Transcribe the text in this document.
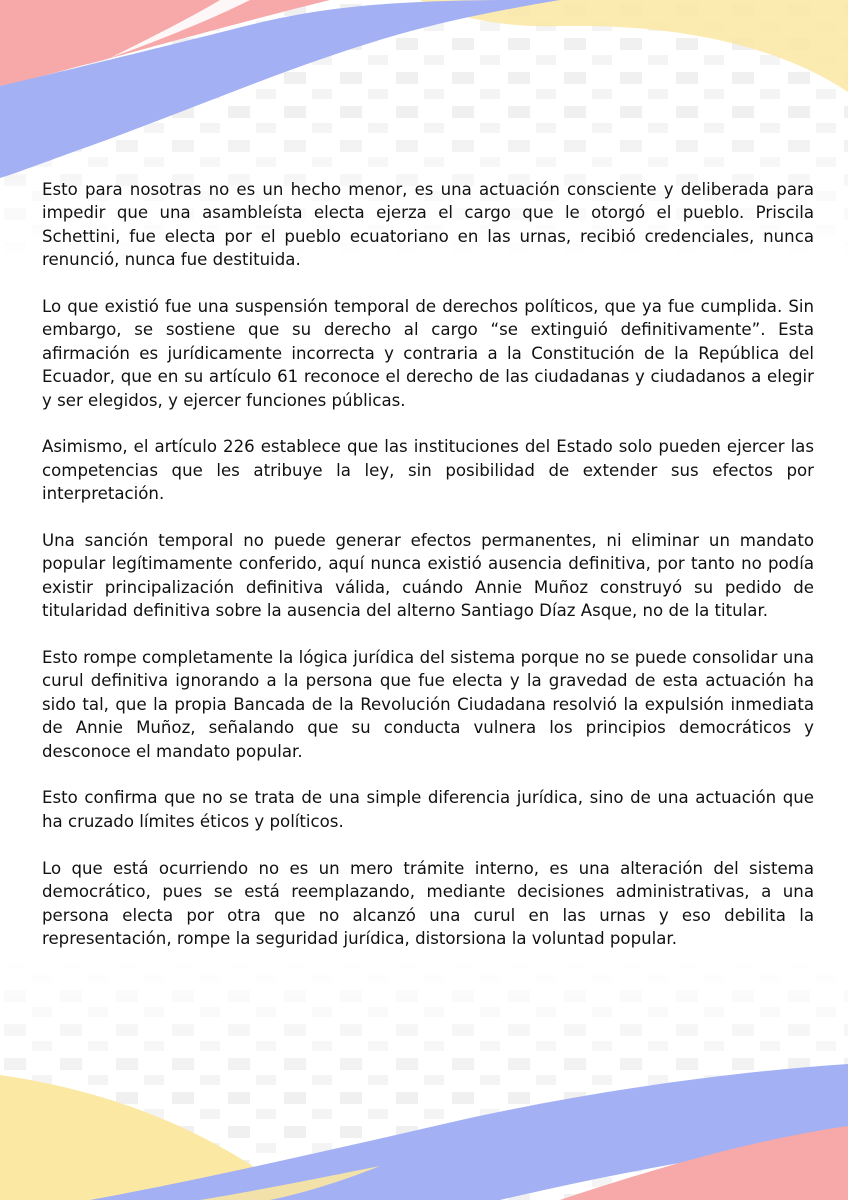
Esto para nosotras no es un hecho menor, es una actuación consciente y deliberada para impedir que una asambleísta electa ejerza el cargo que le otorgó el pueblo. Priscila Schettini, fue electa por el pueblo ecuatoriano en las urnas, recibió credenciales, nunca renunció, nunca fue destituida.

Lo que existió fue una suspensión temporal de derechos políticos, que ya fue cumplida. Sin embargo, se sostiene que su derecho al cargo “se extinguió definitivamente”. Esta afirmación es jurídicamente incorrecta y contraria a la Constitución de la República del Ecuador, que en su artículo 61 reconoce el derecho de las ciudadanas y ciudadanos a elegir y ser elegidos, y ejercer funciones públicas.

Asimismo, el artículo 226 establece que las instituciones del Estado solo pueden ejercer las competencias que les atribuye la ley, sin posibilidad de extender sus efectos por interpretación.

Una sanción temporal no puede generar efectos permanentes, ni eliminar un mandato popular legítimamente conferido, aquí nunca existió ausencia definitiva, por tanto no podía existir principalización definitiva válida, cuándo Annie Muñoz construyó su pedido de titularidad definitiva sobre la ausencia del alterno Santiago Díaz Asque, no de la titular.

Esto rompe completamente la lógica jurídica del sistema porque no se puede consolidar una curul definitiva ignorando a la persona que fue electa y la gravedad de esta actuación ha sido tal, que la propia Bancada de la Revolución Ciudadana resolvió la expulsión inmediata de Annie Muñoz, señalando que su conducta vulnera los principios democráticos y desconoce el mandato popular.

Esto confirma que no se trata de una simple diferencia jurídica, sino de una actuación que ha cruzado límites éticos y políticos.

Lo que está ocurriendo no es un mero trámite interno, es una alteración del sistema democrático, pues se está reemplazando, mediante decisiones administrativas, a una persona electa por otra que no alcanzó una curul en las urnas y eso debilita la representación, rompe la seguridad jurídica, distorsiona la voluntad popular.
